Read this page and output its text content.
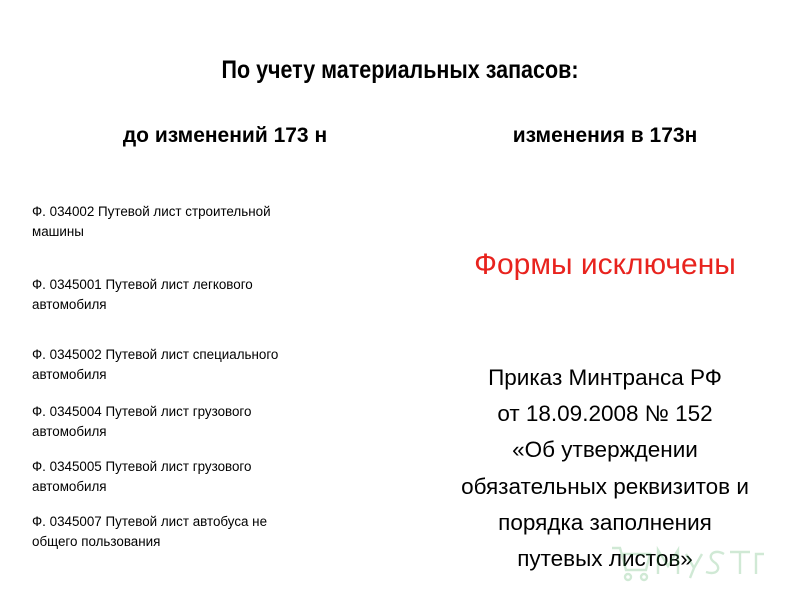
По учету материальных запасов:
до изменений 173 н	изменения в 173н
Ф. 034002 Путевой лист строительной машины
Ф. 0345001 Путевой лист легкового автомобиля
Ф. 0345002 Путевой лист специального автомобиля
Ф. 0345004 Путевой лист грузового автомобиля
Ф. 0345005 Путевой лист грузового автомобиля
Ф. 0345007 Путевой лист автобуса не общего пользования
Формы исключены
Приказ Минтранса РФ
от 18.09.2008 № 152
«Об утверждении
обязательных реквизитов и
порядка заполнения
путевых листов»
